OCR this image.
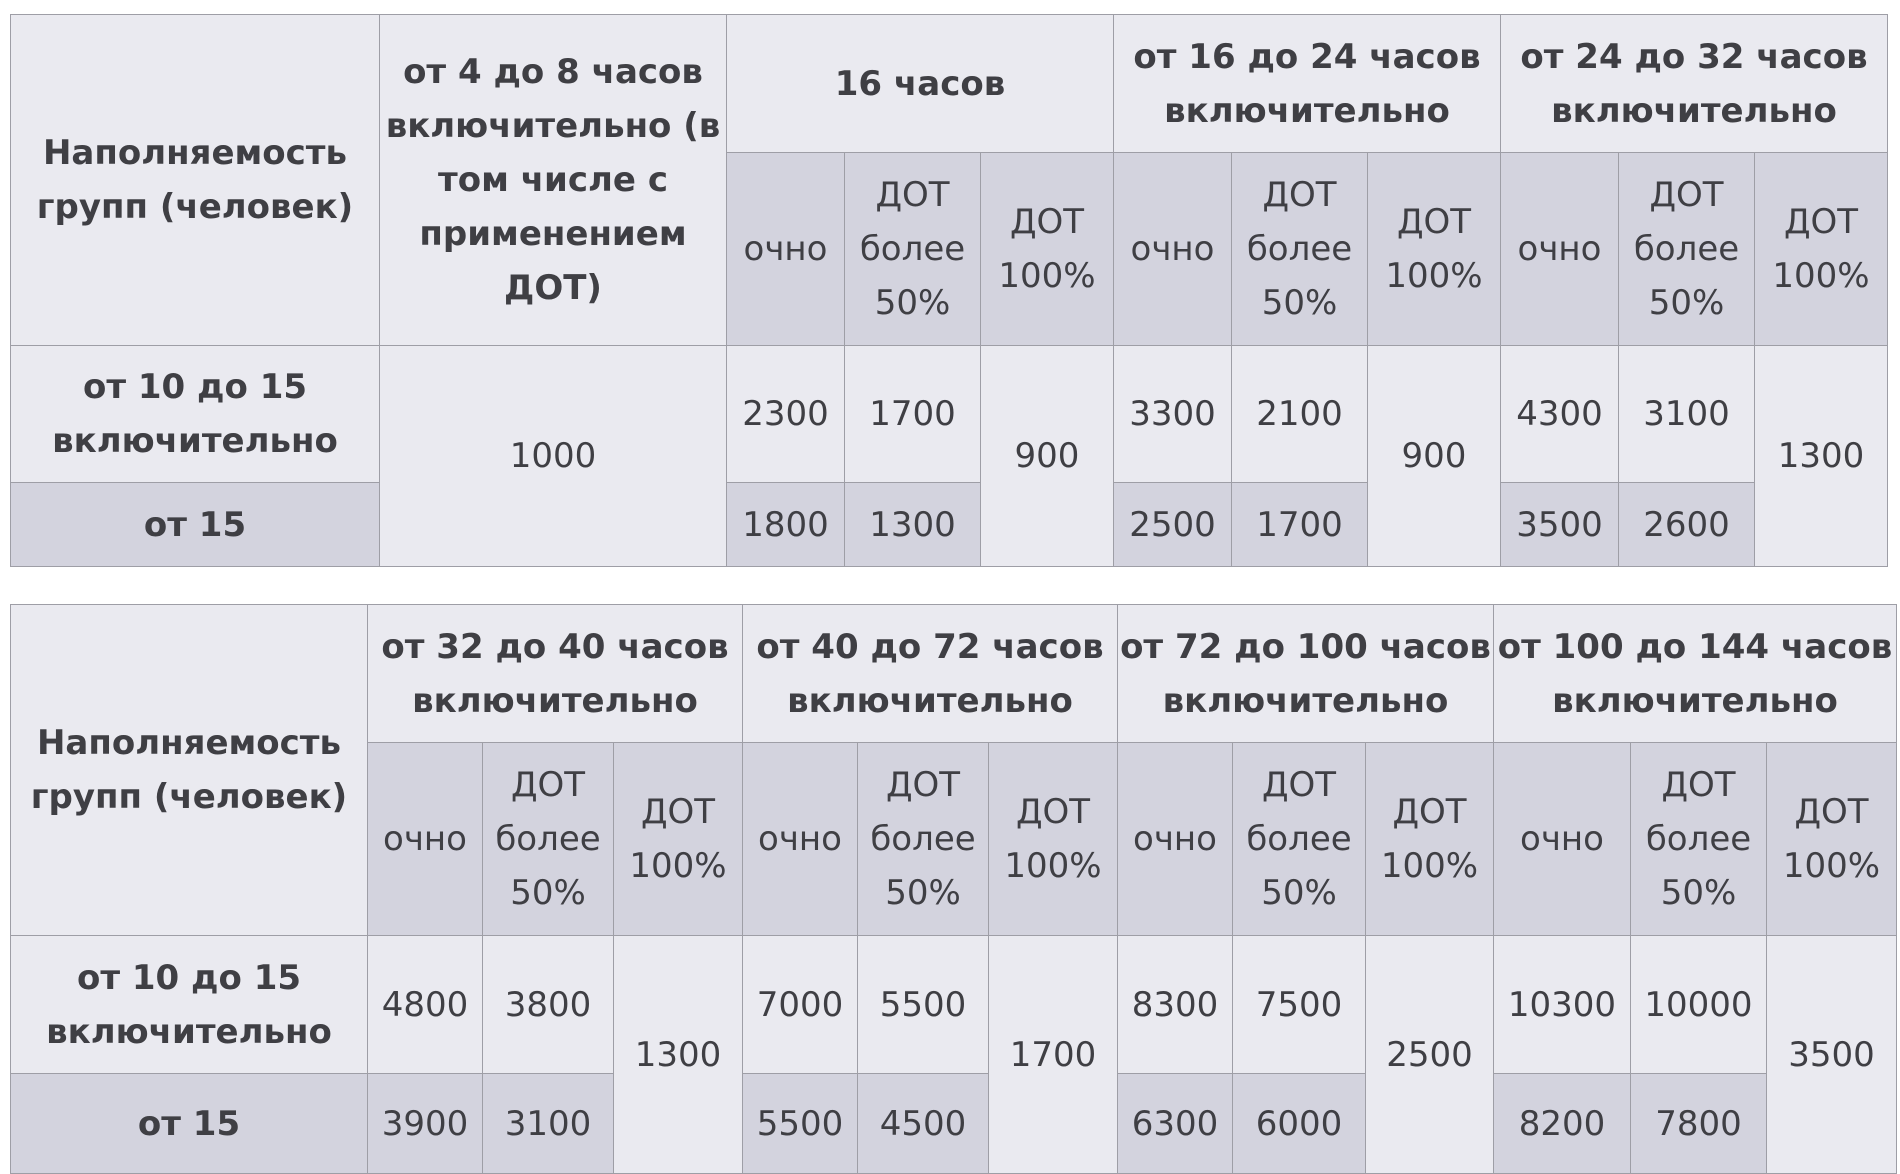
Наполняемость групп (человек)	от 4 до 8 часов включительно (в том числе с применением ДОТ)	16 часов			от 16 до 24 часов включительно			от 24 до 32 часов включительно		
		очно	ДОТ более 50%	ДОТ 100%	очно	ДОТ более 50%	ДОТ 100%	очно	ДОТ более 50%	ДОТ 100%
от 10 до 15 включительно	1000	2300	1700	900	3300	2100	900	4300	3100	1300
от 15		1800	1300		2500	1700		3500	2600	
Наполняемость групп (человек)	от 32 до 40 часов включительно			от 40 до 72 часов включительно			от 72 до 100 часов включительно			от 100 до 144 часов включительно		
	очно	ДОТ более 50%	ДОТ 100%	очно	ДОТ более 50%	ДОТ 100%	очно	ДОТ более 50%	ДОТ 100%	очно	ДОТ более 50%	ДОТ 100%
от 10 до 15 включительно	4800	3800	1300	7000	5500	1700	8300	7500	2500	10300	10000	3500
от 15	3900	3100		5500	4500		6300	6000		8200	7800	
